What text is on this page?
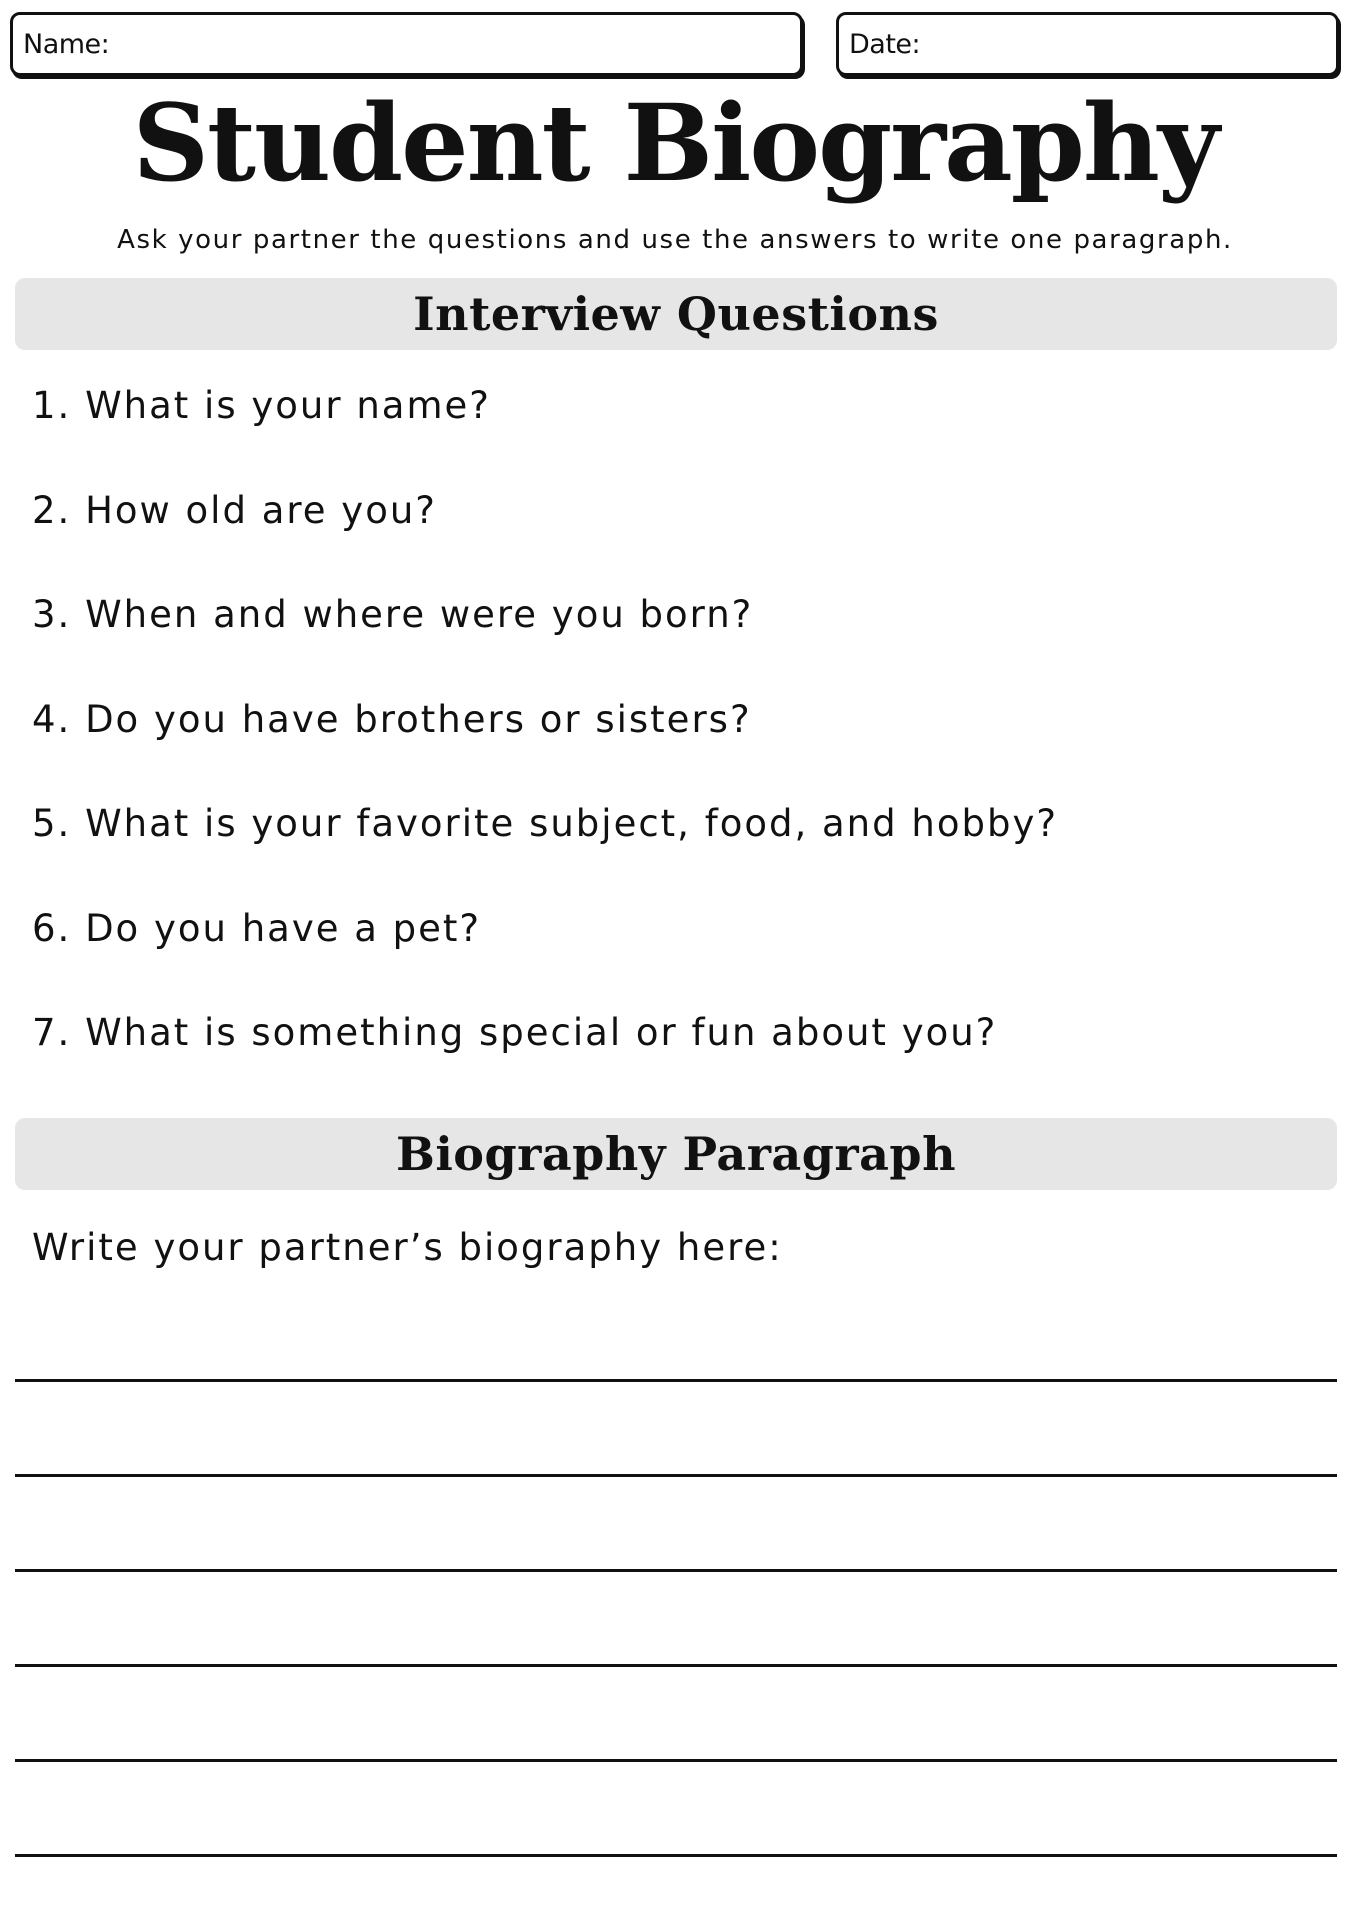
Name:	Date:
Student Biography
Ask your partner the questions and use the answers to write one paragraph.
Interview Questions
1. What is your name?
2. How old are you?
3. When and where were you born?
4. Do you have brothers or sisters?
5. What is your favorite subject, food, and hobby?
6. Do you have a pet?
7. What is something special or fun about you?
Biography Paragraph
Write your partner’s biography here:
